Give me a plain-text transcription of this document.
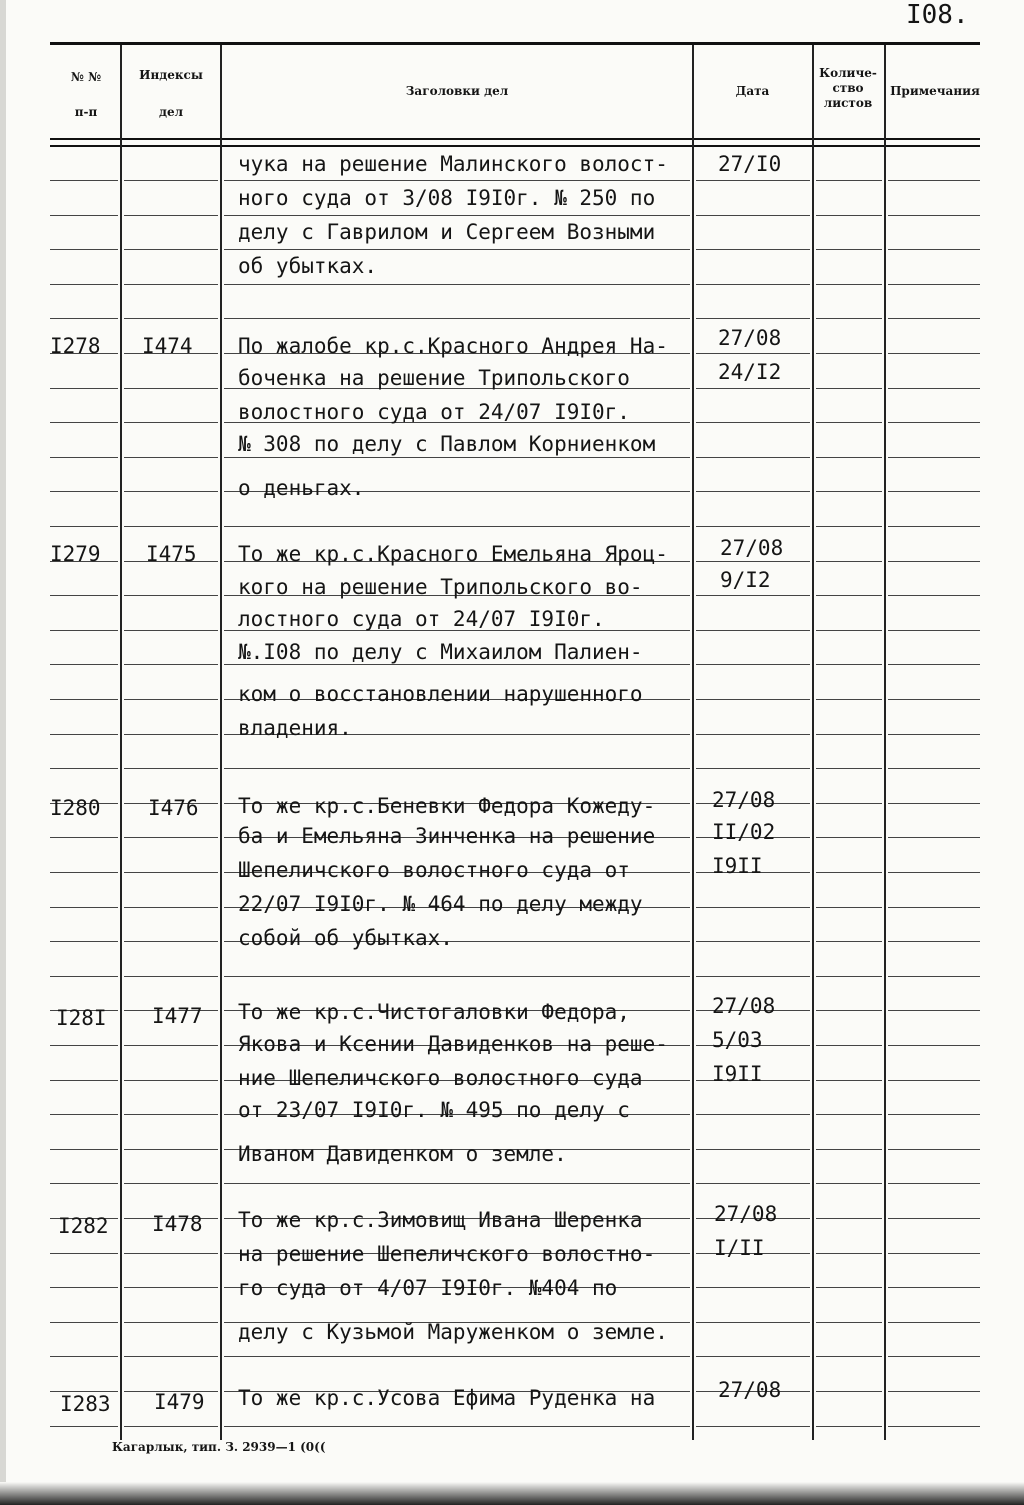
I08.
№ №
п-п
Индексы
дел
Заголовки дел	Дата
Количе-
ство
листов
Примечания
чука на решение Малинского волост-
ного суда от 3/08 I9I0г. № 250 по
делу с Гаврилом и Сергеем Возными
об убытках.
27/I0
I278 I474 По жалобе кр.с.Красного Андрея На-
боченка на решение Трипольского
волостного суда от 24/07 I9I0г.
№ 308 по делу с Павлом Корниенком
о деньгах.
27/08
24/I2
I279 I475 То же кр.с.Красного Емельяна Яроц-
кого на решение Трипольского во-
лостного суда от 24/07 I9I0г.
№.I08 по делу с Михаилом Палиен-
ком о восстановлении нарушенного
владения.
27/08
9/I2
I280 I476 То же кр.с.Беневки Федора Кожеду-
ба и Емельяна Зинченка на решение
Шепеличского волостного суда от
22/07 I9I0г. № 464 по делу между
собой об убытках.
27/08
II/02
I9II
I28I I477 То же кр.с.Чистогаловки Федора,
Якова и Ксении Давиденков на реше-
ние Шепеличского волостного суда
от 23/07 I9I0г. № 495 по делу с
Иваном Давиденком о земле.
27/08
5/03
I9II
I282 I478 То же кр.с.Зимовищ Ивана Шеренка
на решение Шепеличского волостно-
го суда от 4/07 I9I0г. №404 по
делу с Кузьмой Маруженком о земле.
27/08
I/II
I283 I479 То же кр.с.Усова Ефима Руденка на	27/08
Кагарлык, тип. З. 2939—1 (0((
